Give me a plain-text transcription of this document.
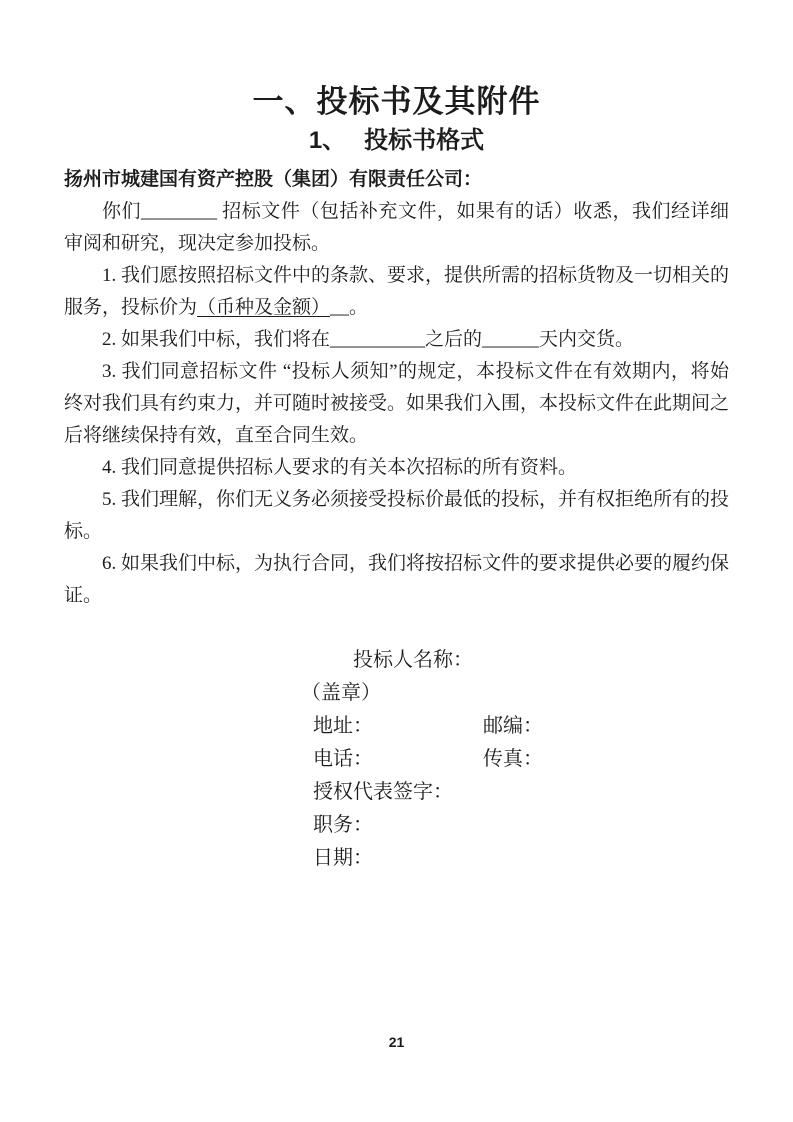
一、投标书及其附件
1、 投标书格式

扬州市城建国有资产控股（集团）有限责任公司：

你们________ 招标文件（包括补充文件，如果有的话）收悉，我们经详细审阅和研究，现决定参加投标。

1. 我们愿按照招标文件中的条款、要求，提供所需的招标货物及一切相关的服务，投标价为（币种及金额）__。

2. 如果我们中标，我们将在__________之后的______天内交货。

3. 我们同意招标文件 “投标人须知”的规定，本投标文件在有效期内，将始终对我们具有约束力，并可随时被接受。如果我们入围，本投标文件在此期间之后将继续保持有效，直至合同生效。

4. 我们同意提供招标人要求的有关本次招标的所有资料。

5. 我们理解，你们无义务必须接受投标价最低的投标，并有权拒绝所有的投标。

6. 如果我们中标，为执行合同，我们将按招标文件的要求提供必要的履约保证。

投标人名称：

（盖章）

地址：	邮编：

电话：	传真：

授权代表签字：

职务：

日期：

21
